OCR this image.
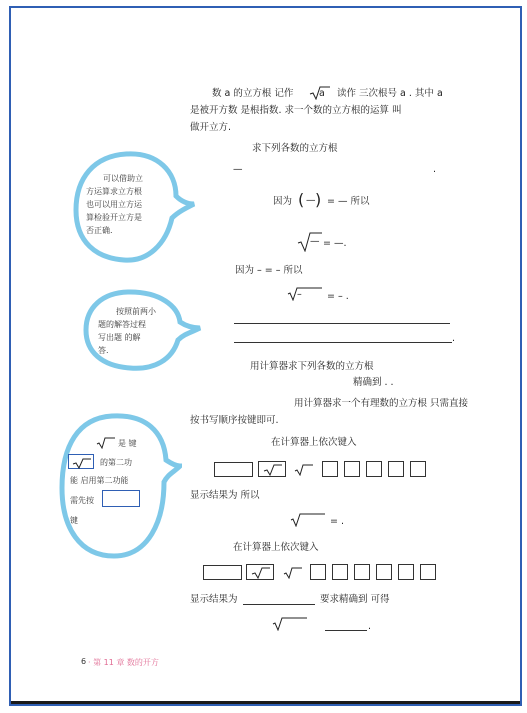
数 a 的立方根 记作	a 读作 三次根号 a . 其中 a
是被开方数 是根指数. 求一个数的立方根的运算 叫
做开立方.
求下列各数的立方根
—	.
因为 ( — ) = — 所以
— = —.
因为 – = – 所以
–	= – .
.
用计算器求下列各数的立方根
精确到 . .
用计算器求一个有理数的立方根 只需直接
按书写顺序按键即可.
在计算器上依次键入
显示结果为 所以
= .
在计算器上依次键入
显示结果为	要求精确到 可得
.
可以借助立
方运算求立方根
也可以用立方运
算检验开立方是
否正确.
按照前两小
题的解答过程
写出题 的解
答.
是 键
的第二功
能 启用第二功能
需先按
键
6 · 第 11 章 数的开方
